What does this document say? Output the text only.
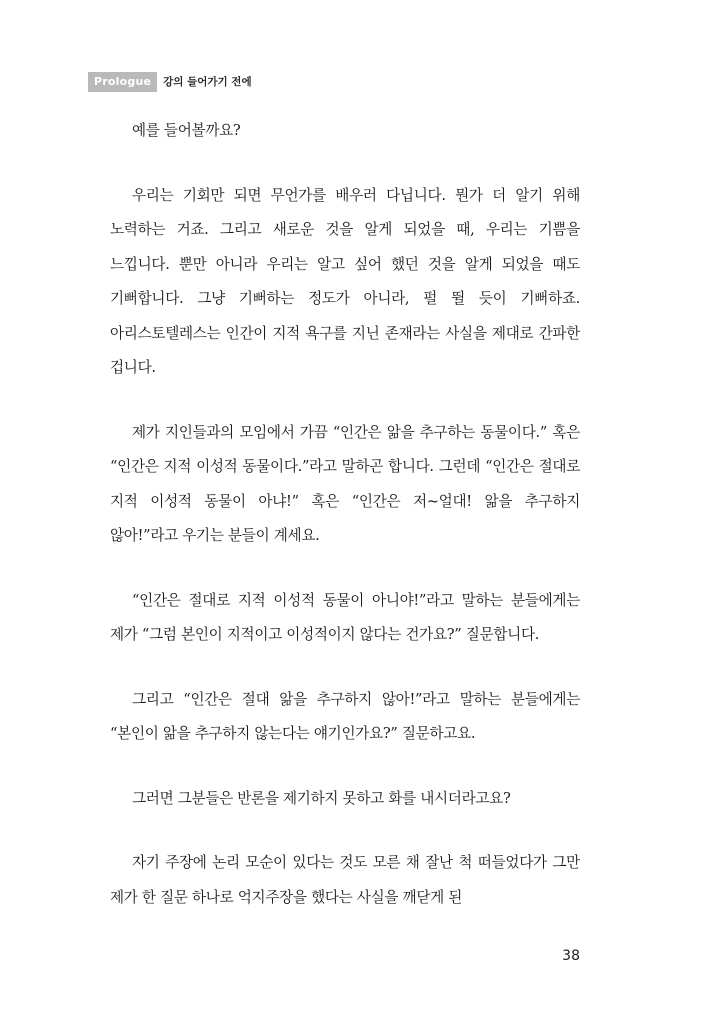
Prologue	강의 들어가기 전에

예를 들어볼까요?

우리는 기회만 되면 무언가를 배우러 다닙니다. 뭔가 더 알기 위해 노력하는 거죠. 그리고 새로운 것을 알게 되었을 때, 우리는 기쁨을 느낍니다. 뿐만 아니라 우리는 알고 싶어 했던 것을 알게 되었을 때도 기뻐합니다. 그냥 기뻐하는 정도가 아니라, 펄 뛸 듯이 기뻐하죠. 아리스토텔레스는 인간이 지적 욕구를 지닌 존재라는 사실을 제대로 간파한 겁니다.

제가 지인들과의 모임에서 가끔 “인간은 앎을 추구하는 동물이다.” 혹은 “인간은 지적 이성적 동물이다.”라고 말하곤 합니다. 그런데 “인간은 절대로 지적 이성적 동물이 아냐!” 혹은 “인간은 저~얼대! 앎을 추구하지 않아!”라고 우기는 분들이 계세요.

“인간은 절대로 지적 이성적 동물이 아니야!”라고 말하는 분들에게는 제가 “그럼 본인이 지적이고 이성적이지 않다는 건가요?” 질문합니다.

그리고 “인간은 절대 앎을 추구하지 않아!”라고 말하는 분들에게는 “본인이 앎을 추구하지 않는다는 얘기인가요?” 질문하고요.

그러면 그분들은 반론을 제기하지 못하고 화를 내시더라고요?

자기 주장에 논리 모순이 있다는 것도 모른 채 잘난 척 떠들었다가 그만 제가 한 질문 하나로 억지주장을 했다는 사실을 깨닫게 된

38
